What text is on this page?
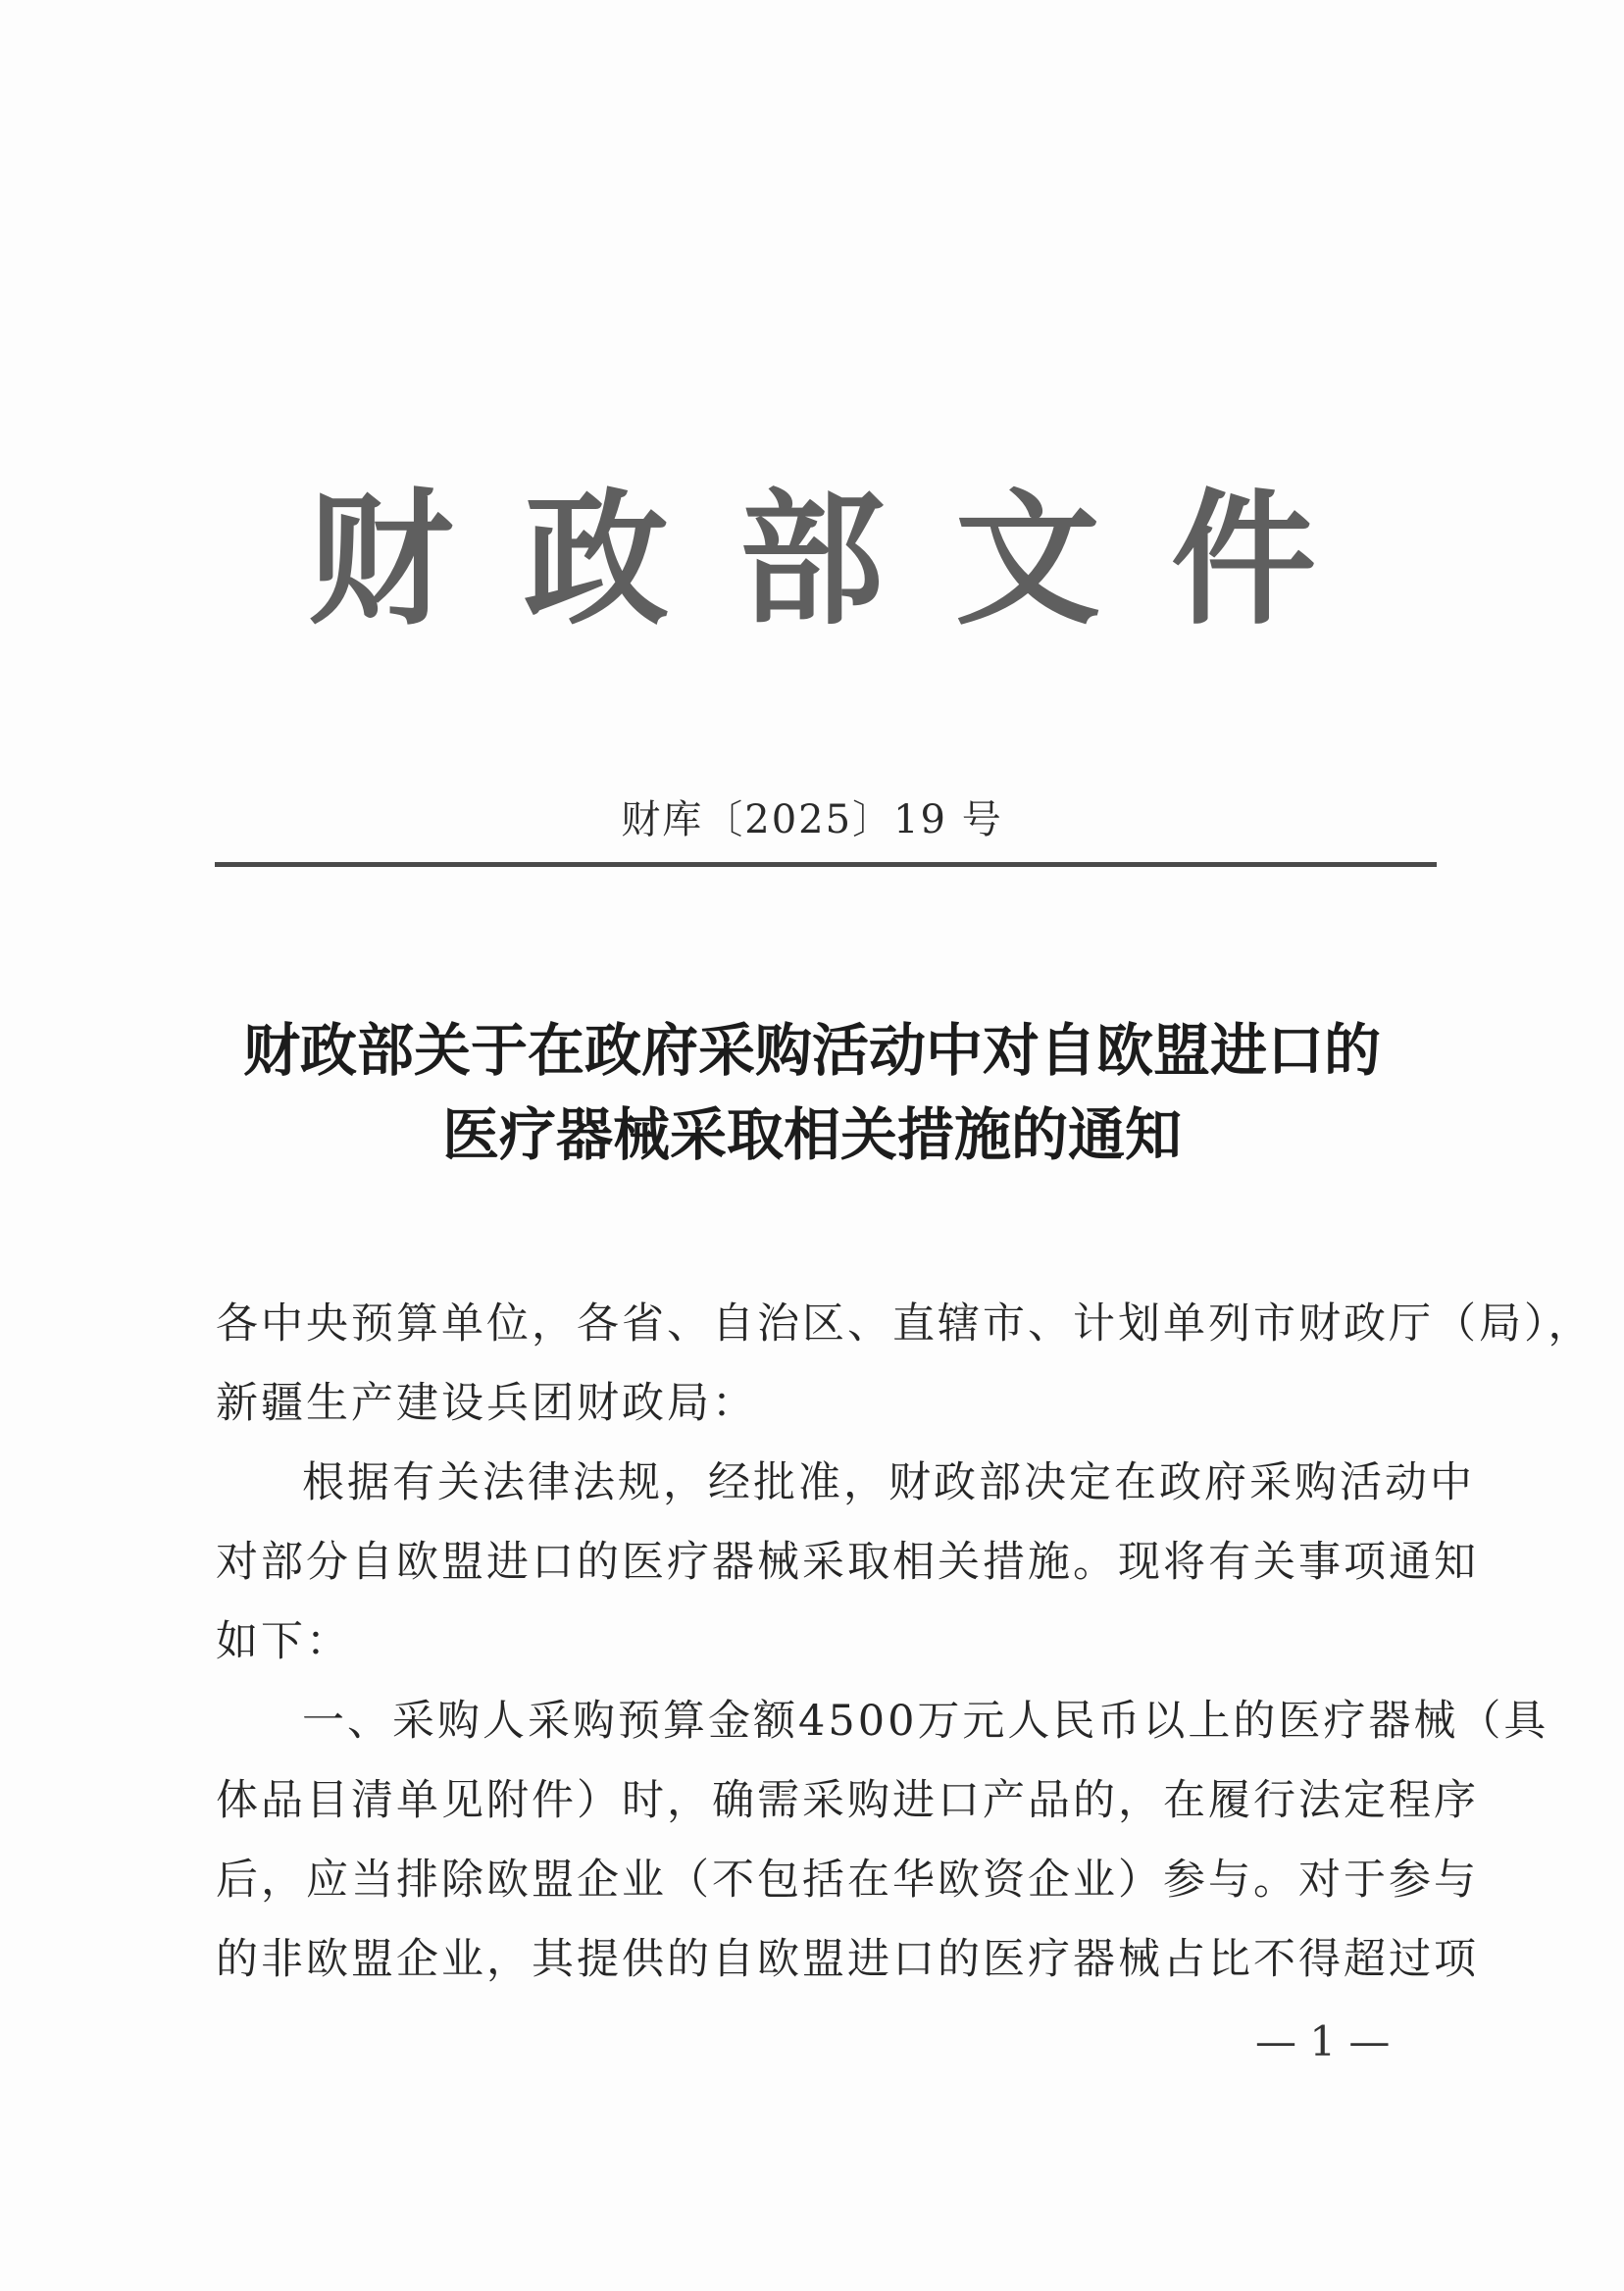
财政部文件
财库〔2025〕19 号
财政部关于在政府采购活动中对自欧盟进口的
医疗器械采取相关措施的通知
各中央预算单位，各省、自治区、直辖市、计划单列市财政厅（局），
新疆生产建设兵团财政局：
根据有关法律法规，经批准，财政部决定在政府采购活动中
对部分自欧盟进口的医疗器械采取相关措施。现将有关事项通知
如下：
一、采购人采购预算金额4500万元人民币以上的医疗器械（具
体品目清单见附件）时，确需采购进口产品的，在履行法定程序
后，应当排除欧盟企业（不包括在华欧资企业）参与。对于参与
的非欧盟企业，其提供的自欧盟进口的医疗器械占比不得超过项
— 1 —
